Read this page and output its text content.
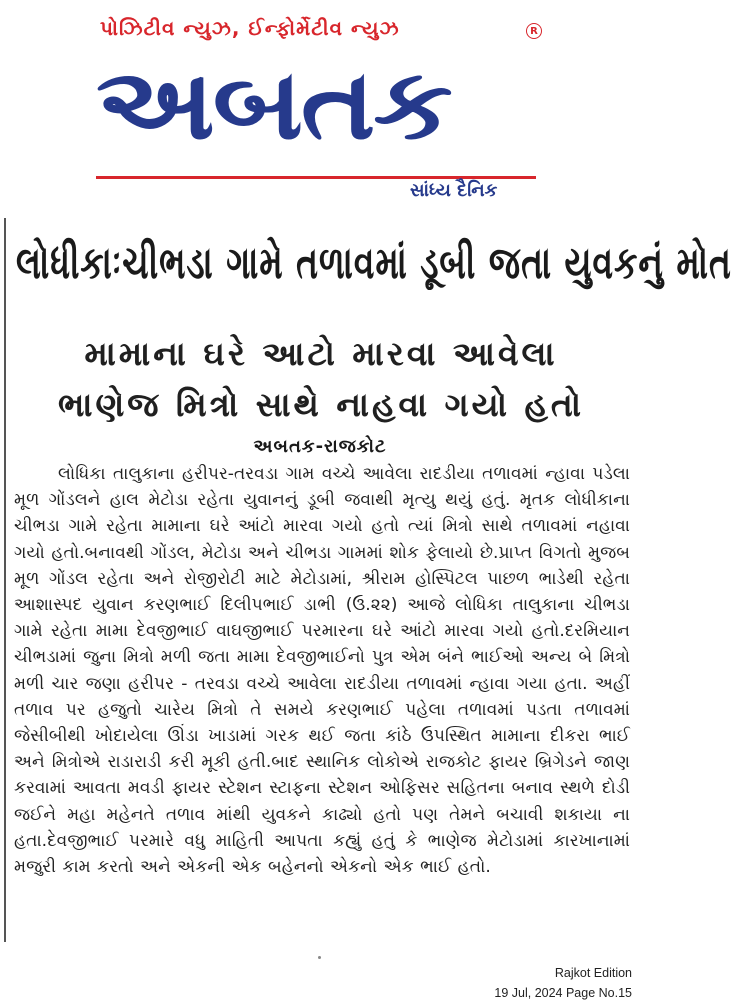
પોઝિટીવ ન્યુઝ, ઈન્ફોર્મેટીવ ન્યુઝ	R
અબતક
સાંધ્ય દૈનિક
લોધીકાઃચીભડા ગામે તળાવમાં ડૂબી જતા યુવકનું મોત
મામાના ઘરે આટો મારવા આવેલા
ભાણેજ મિત્રો સાથે નાહવા ગયો હતો
અબતક-રાજકોટ
લોધિકા તાલુકાના હરીપર-તરવડા ગામ વચ્ચે આવેલા રાદડીયા તળાવમાં ન્હાવા પડેલા મૂળ ગોંડલને હાલ મેટોડા રહેતા યુવાનનું ડૂબી જવાથી મૃત્યુ થયું હતું. મૃતક લોધીકાના ચીભડા ગામે રહેતા મામાના ઘરે આંટો મારવા ગયો હતો ત્યાં મિત્રો સાથે તળાવમાં નહાવા ગયો હતો.બનાવથી ગોંડલ, મેટોડા અને ચીભડા ગામમાં શોક ફેલાયો છે.પ્રાપ્ત વિગતો મુજબ મૂળ ગોંડલ રહેતા અને રોજીરોટી માટે મેટોડામાં, શ્રીરામ હોસ્પિટલ પાછળ ભાડેથી રહેતા આશાસ્પદ યુવાન કરણભાઈ દિલીપભાઈ ડાભી (ઉ.૨૨) આજે લોધિકા તાલુકાના ચીભડા ગામે રહેતા મામા દેવજીભાઈ વાઘજીભાઈ પરમારના ઘરે આંટો મારવા ગયો હતો.દરમિયાન ચીભડામાં જુના મિત્રો મળી જતા મામા દેવજીભાઈનો પુત્ર એમ બંને ભાઈઓ અન્ય બે મિત્રો મળી ચાર જણા હરીપર - તરવડા વચ્ચે આવેલા રાદડીયા તળાવમાં ન્હાવા ગયા હતા. અહીં તળાવ પર હજુતો ચારેય મિત્રો તે સમયે કરણભાઈ પહેલા તળાવમાં પડતા તળાવમાં જેસીબીથી ખોદાયેલા ઊંડા ખાડામાં ગરક થઈ જતા કાંઠે ઉપસ્થિત મામાના દીકરા ભાઈ અને મિત્રોએ રાડારાડી કરી મૂકી હતી.બાદ સ્થાનિક લોકોએ રાજકોટ ફાયર બ્રિગેડને જાણ કરવામાં આવતા મવડી ફાયર સ્ટેશન સ્ટાફના સ્ટેશન ઓફિસર સહિતના બનાવ સ્થળે દોડી જઈને મહા મહેનતે તળાવ માંથી યુવકને કાઢ્યો હતો પણ તેમને બચાવી શકાયા ના હતા.દેવજીભાઈ પરમારે વધુ માહિતી આપતા કહ્યું હતું કે ભાણેજ મેટોડામાં કારખાનામાં મજુરી કામ કરતો અને એકની એક બહેનનો એકનો એક ભાઈ હતો.
Rajkot Edition
19 Jul, 2024 Page No.15
